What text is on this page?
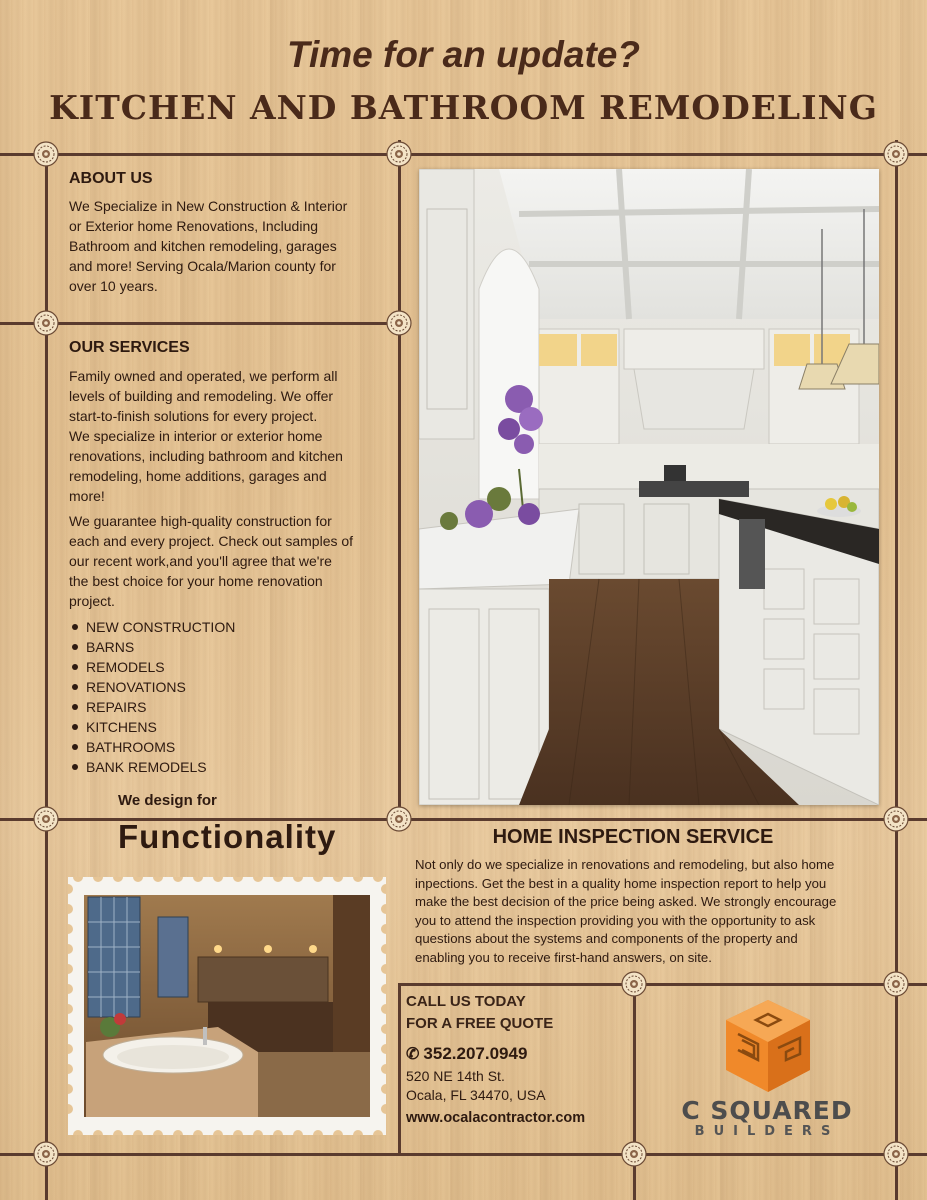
Time for an update?
KITCHEN AND BATHROOM REMODELING
ABOUT US
We Specialize in New Construction & Interior
or Exterior home Renovations, Including
Bathroom and kitchen remodeling, garages
and more! Serving Ocala/Marion county for
over 10 years.
OUR SERVICES
Family owned and operated, we perform all
levels of building and remodeling. We offer
start-to-finish solutions for every project.
We specialize in interior or exterior home
renovations, including bathroom and kitchen
remodeling, home additions, garages and
more!
We guarantee high-quality construction for
each and every project. Check out samples of
our recent work,and you'll agree that we're
the best choice for your home renovation
project.
NEW CONSTRUCTION
BARNS
REMODELS
RENOVATIONS
REPAIRS
KITCHENS
BATHROOMS
BANK REMODELS
We design for
Functionality	HOME INSPECTION SERVICE
Not only do we specialize in renovations and remodeling, but also home
inpections. Get the best in a quality home inspection report to help you
make the best decision of the price being asked. We strongly encourage
you to attend the inspection providing you with the opportunity to ask
questions about the systems and components of the property and
enabling you to receive first-hand answers, on site.
CALL US TODAY
FOR A FREE QUOTE
✆ 352.207.0949
520 NE 14th St.
Ocala, FL 34470, USA
www.ocalacontractor.com	C SQUARED
BUILDERS
